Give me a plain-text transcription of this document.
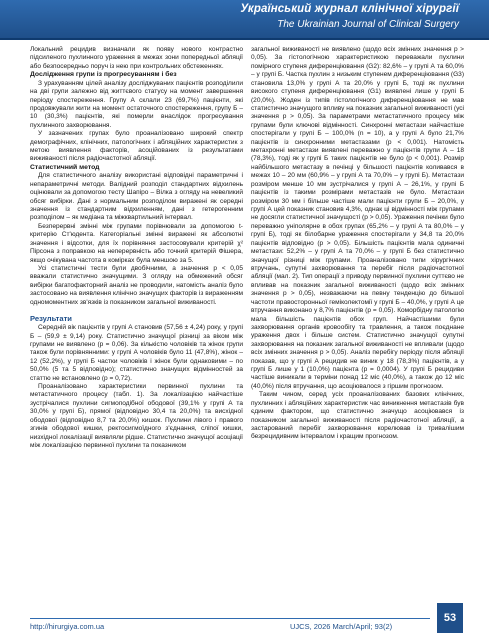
Український журнал клінічної хірургії
The Ukrainian Journal of Clinical Surgery

Локальний рецидив визначали як появу нового контрастно підсиленого пухлинного ураження в межах зони попередньої абляції або безпосередньо поруч із нею при контрольних обстеженнях.

Дослідження групи із прогресуванням і без

З урахуванням цілей аналізу досліджуваних пацієнтів розподілили на дві групи залежно від життєвого статусу на момент завершення періоду спостереження. Групу А склали 23 (69,7%) пацієнти, які продовжували жити на момент остаточного спостереження, групу Б – 10 (30,3%) пацієнтів, які померли внаслідок прогресування пухлинного захворювання.

У зазначених групах було проаналізовано широкий спектр демографічних, клінічних, патологічних і абляційних характеристик з метою виявлення факторів, асоційованих із результатами виживаності після радіочастотної абляції.

Статистичний метод

Для статистичного аналізу використані відповідні параметричні і непараметричні методи. Валідний розподіл стандартних відхилень оцінювали за допомогою тесту Шапіро – Вілка з огляду на невеликий обсяг вибірки. Дані з нормальним розподілом виражені як середні значення із стандартним відхиленням, дані з гетерогенним розподілом – як медіана та міжквартильний інтервал.

Безперервні змінні між групами порівнювали за допомогою t-критерію Ст'юдента. Категоріальні змінні виражені як абсолютні значення і відсотки, для їх порівняння застосовували критерій χ² Пірсона з поправкою на неперервність або точний критерій Фішера, якщо очікувана частота в комірках була меншою за 5.

Усі статистичні тести були двобічними, а значення p < 0,05 вважали статистично значущими. З огляду на обмежений обсяг вибірки багатофакторний аналіз не проводили, натомість аналіз було застосовано на виявлення клінічно значущих факторів із вираженням одномоментних зв'язків із показником загальної виживаності.

Результати

Середній вік пацієнтів у групі А становив (57,56 ± 4,24) року, у групі Б – (59,9 ± 9,14) року. Статистично значущої різниці за віком між групами не виявлено (p = 0,06). За кількістю чоловіків та жінок групи також були порівнянними: у групі А чоловіків було 11 (47,8%), жінок – 12 (52,2%), у групі Б частки чоловіків і жінок були однаковими – по 50,0% (5 та 5 відповідно); статистично значущих відмінностей за статтю не встановлено (p = 0,72).

Проаналізовано характеристики первинної пухлини та метастатичного процесу (табл. 1). За локалізацією найчастіше зустрічалися пухлини сигмоподібної ободової (39,1% у групі А та 30,0% у групі Б), прямої (відповідно 30,4 та 20,0%) та висхідної ободової (відповідно 8,7 та 20,0%) кишок. Пухлини лівого і правого згинів ободової кишки, ректосигмоїдного з'єднання, сліпої кишки, низхідної локалізації виявляли рідше. Статистично значущої асоціації між локалізацією первинної пухлини та показником

загальної виживаності не виявлено (щодо всіх змінних значення p > 0,05). За гістологічною характеристикою переважали пухлини помірного ступеня диференціювання (G2): 82,6% – у групі А та 60,0% – у групі Б. Частка пухлин з низьким ступенем диференціювання (G3) становила 13,0% у групі А та 20,0% у групі Б, тоді як пухлини високого ступеня диференціювання (G1) виявлені лише у групі Б (20,0%). Жоден із типів гістологічного диференціювання не мав статистично значущого впливу на показник загальної виживаності (усі значення p > 0,05). За параметрами метастатичного процесу між групами були ключові відмінності. Синхронні метастази найчастіше спостерігали у групі Б – 100,0% (n = 10), а у групі А було 21,7% пацієнтів із синхронними метастазами (p < 0,001). Натомість метахронні метастази виявлені переважно у пацієнтів групи А – 18 (78,3%), тоді як у групі Б таких пацієнтів не було (p < 0,001). Розмір найбільшого метастазу в печінці у більшості пацієнтів коливався в межах 10 – 20 мм (60,9% – у групі А та 70,0% – у групі Б). Метастази розміром менше 10 мм зустрічалися у групі А – 26,1%, у групі Б пацієнтів із такими розмірами метастазів не було. Метастази розміром 30 мм і більше частіше мали пацієнти групи Б – 20,0%, у групі А цей показник становив 4,3%, однак ці відмінності між групами не досягли статистичної значущості (p > 0,05). Ураження печінки було переважно уніполярне в обох групах (65,2% – у групі А та 80,0% – у групі Б), тоді як білобарне ураження спостерігали у 34,8 та 20,0% пацієнтів відповідно (p > 0,05). Більшість пацієнтів мала одиничні метастази: 52,2% – у групі А та 70,0% – у групі Б без статистично значущої різниці між групами. Проаналізовано типи хірургічних втручань, супутні захворювання та перебіг після радіочастотної абляції (мал. 2). Тип операції з приводу первинної пухлини суттєво не впливав на показник загальної виживаності (щодо всіх змінних значення p > 0,05), незважаючи на певну тенденцію до більшої частоти правосторонньої геміколектомії у групі Б – 40,0%, у групі А це втручання виконано у 8,7% пацієнтів (p = 0,05). Коморбідну патологію мала більшість пацієнтів обох груп. Найчастішими були захворювання органів кровообігу та травлення, а також поєднане ураження двох і більше систем. Статистично значущої супутні захворювання на показник загальної виживаності не впливали (щодо всіх змінних значення p > 0,05). Аналіз перебігу періоду після абляції показав, що у групі А рецидив не виник у 18 (78,3%) пацієнтів, а у групі Б лише у 1 (10,0%) пацієнта (p = 0,0004). У групі Б рецидиви частіше виникали в терміни понад 12 міс (40,0%), а також до 12 міс (40,0%) після втручання, що асоціювалося з гіршим прогнозом.

Таким чином, серед усіх проаналізованих базових клінічних, пухлинних і абляційних характеристик час виникнення метастазів був єдиним фактором, що статистично значущо асоціювався із показником загальної виживаності після радіочастотної абляції, а застарований перебіг захворювання корелював із тривалішим безрецидивним інтервалом і кращим прогнозом.

http://hirurgiya.com.ua	UJCS, 2026 March/April; 93(2)
53
